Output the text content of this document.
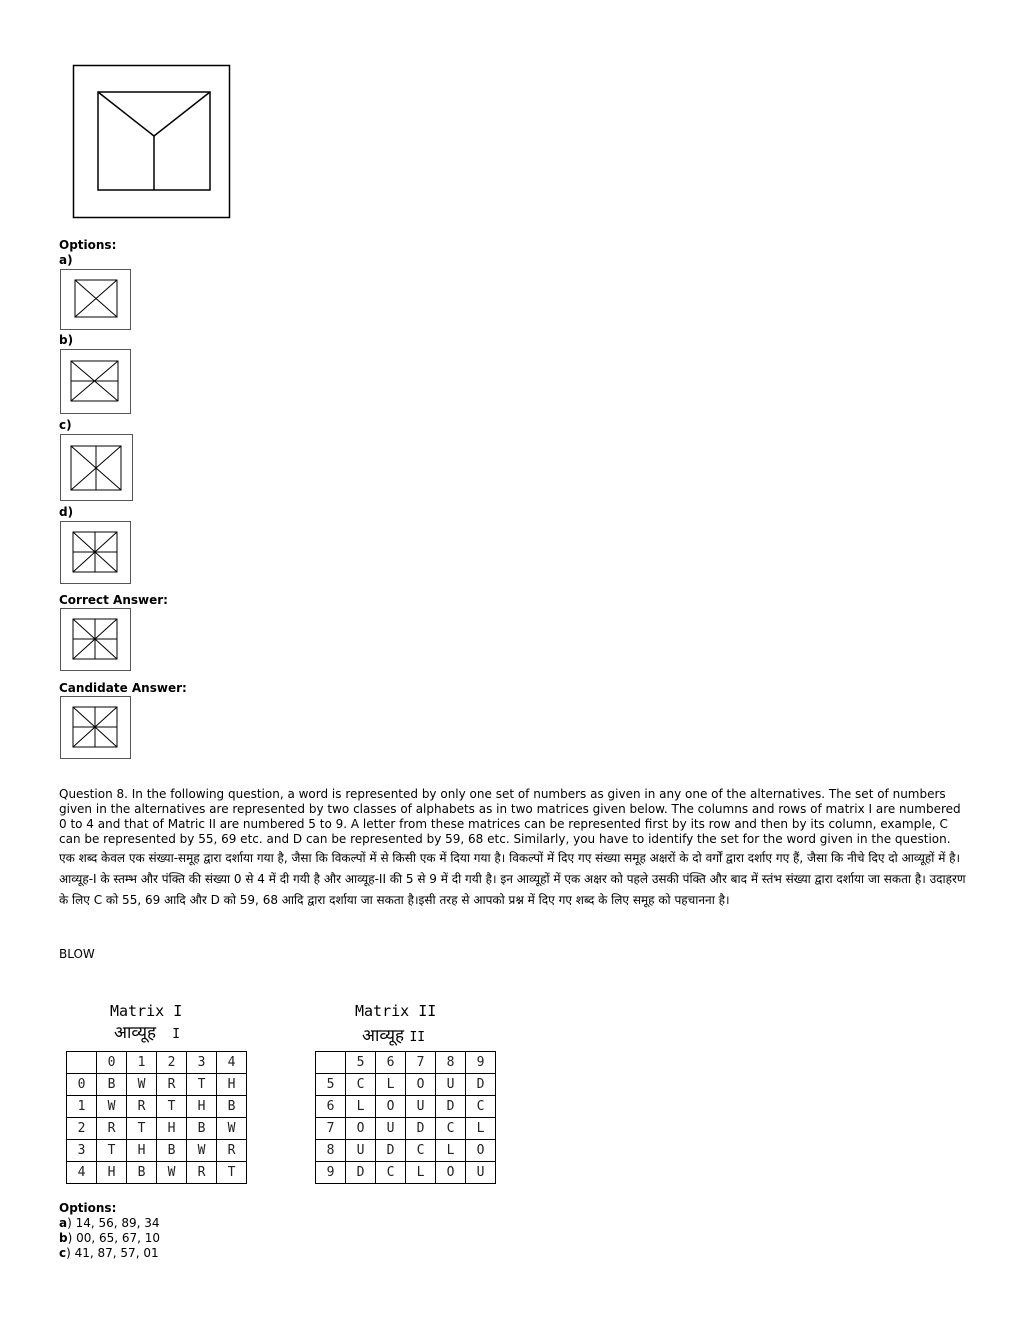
Options:
a)
b)
c)
d)
Correct Answer:
Candidate Answer:
Question 8. In the following question, a word is represented by only one set of numbers as given in any one of the alternatives. The set of numbers given in the alternatives are represented by two classes of alphabets as in two matrices given below. The columns and rows of matrix I are numbered 0 to 4 and that of Matric II are numbered 5 to 9. A letter from these matrices can be represented first by its row and then by its column, example, C can be represented by 55, 69 etc. and D can be represented by 59, 68 etc. Similarly, you have to identify the set for the word given in the question.
एक शब्द केवल एक संख्या-समूह द्वारा दर्शाया गया है, जैसा कि विकल्पों में से किसी एक में दिया गया है। विकल्पों में दिए गए संख्या समूह अक्षरों के दो वर्गों द्वारा दर्शाए गए हैं, जैसा कि नीचे दिए दो आव्यूहों में है। आव्यूह-I के स्तम्भ और पंक्ति की संख्या 0 से 4 में दी गयी है और आव्यूह-II की 5 से 9 में दी गयी है। इन आव्यूहों में एक अक्षर को पहले उसकी पंक्ति और बाद में स्तंभ संख्या द्वारा दर्शाया जा सकता है। उदाहरण के लिए C को 55, 69 आदि और D को 59, 68 आदि द्वारा दर्शाया जा सकता है।इसी तरह से आपको प्रश्न में दिए गए शब्द के लिए समूह को पहचानना है।
BLOW
Matrix I
आव्यूह I
	0	1	2	3	4
0	B	W	R	T	H
1	W	R	T	H	B
2	R	T	H	B	W
3	T	H	B	W	R
4	H	B	W	R	T
Matrix II
आव्यूह II
	5	6	7	8	9
5	C	L	O	U	D
6	L	O	U	D	C
7	O	U	D	C	L
8	U	D	C	L	O
9	D	C	L	O	U
Options:
a) 14, 56, 89, 34
b) 00, 65, 67, 10
c) 41, 87, 57, 01
